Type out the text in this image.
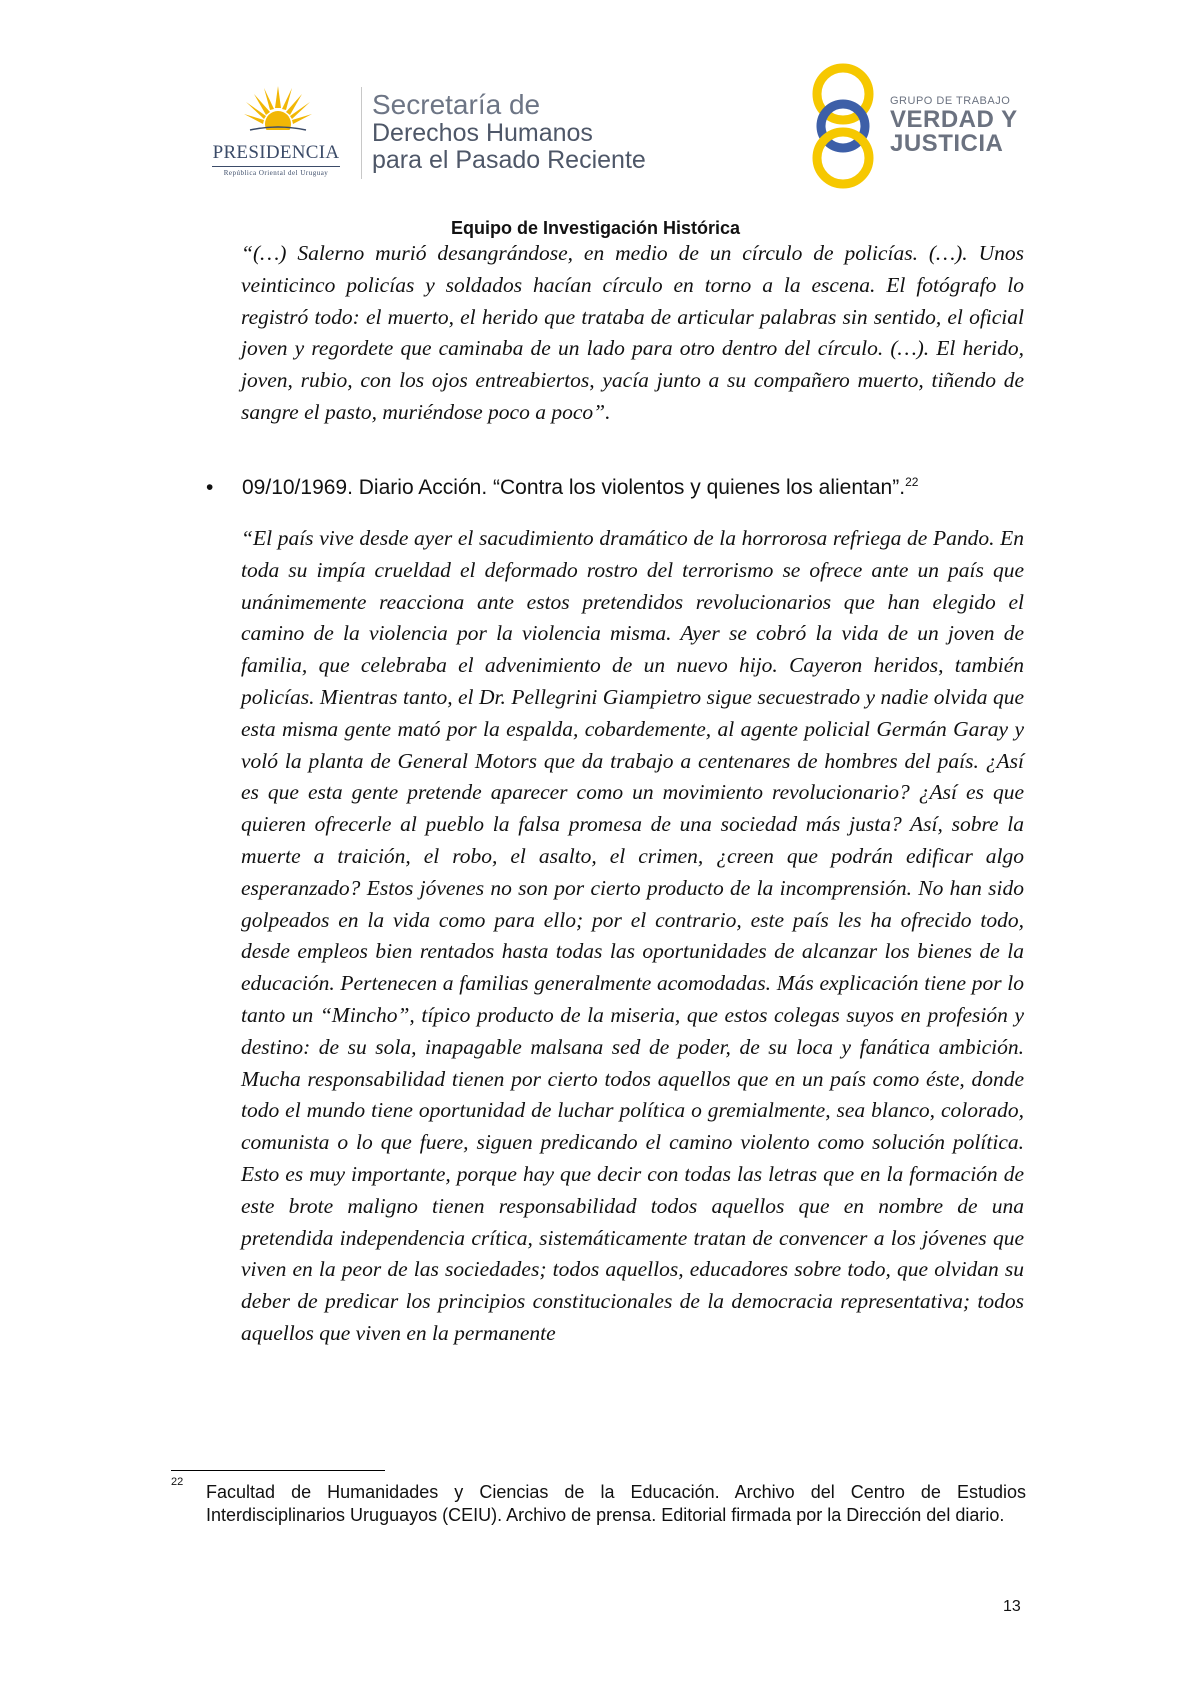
PRESIDENCIA
República Oriental del Uruguay
Secretaría de
Derechos Humanos
para el Pasado Reciente
GRUPO DE TRABAJO
VERDAD Y
JUSTICIA
Equipo de Investigación Histórica

“(…) Salerno murió desangrándose, en medio de un círculo de policías. (…). Unos veinticinco policías y soldados hacían círculo en torno a la escena. El fotógrafo lo registró todo: el muerto, el herido que trataba de articular palabras sin sentido, el oficial joven y regordete que caminaba de un lado para otro dentro del círculo. (…). El herido, joven, rubio, con los ojos entreabiertos, yacía junto a su compañero muerto, tiñendo de sangre el pasto, muriéndose poco a poco”.

• 09/10/1969. Diario Acción. “Contra los violentos y quienes los alientan”.$^{22}$

“El país vive desde ayer el sacudimiento dramático de la horrorosa refriega de Pando. En toda su impía crueldad el deformado rostro del terrorismo se ofrece ante un país que unánimemente reacciona ante estos pretendidos revolucionarios que han elegido el camino de la violencia por la violencia misma. Ayer se cobró la vida de un joven de familia, que celebraba el advenimiento de un nuevo hijo. Cayeron heridos, también policías. Mientras tanto, el Dr. Pellegrini Giampietro sigue secuestrado y nadie olvida que esta misma gente mató por la espalda, cobardemente, al agente policial Germán Garay y voló la planta de General Motors que da trabajo a centenares de hombres del país. ¿Así es que esta gente pretende aparecer como un movimiento revolucionario? ¿Así es que quieren ofrecerle al pueblo la falsa promesa de una sociedad más justa? Así, sobre la muerte a traición, el robo, el asalto, el crimen, ¿creen que podrán edificar algo esperanzado? Estos jóvenes no son por cierto producto de la incomprensión. No han sido golpeados en la vida como para ello; por el contrario, este país les ha ofrecido todo, desde empleos bien rentados hasta todas las oportunidades de alcanzar los bienes de la educación. Pertenecen a familias generalmente acomodadas. Más explicación tiene por lo tanto un “Mincho”, típico producto de la miseria, que estos colegas suyos en profesión y destino: de su sola, inapagable malsana sed de poder, de su loca y fanática ambición. Mucha responsabilidad tienen por cierto todos aquellos que en un país como éste, donde todo el mundo tiene oportunidad de luchar política o gremialmente, sea blanco, colorado, comunista o lo que fuere, siguen predicando el camino violento como solución política. Esto es muy importante, porque hay que decir con todas las letras que en la formación de este brote maligno tienen responsabilidad todos aquellos que en nombre de una pretendida independencia crítica, sistemáticamente tratan de convencer a los jóvenes que viven en la peor de las sociedades; todos aquellos, educadores sobre todo, que olvidan su deber de predicar los principios constitucionales de la democracia representativa; todos aquellos que viven en la permanente

22 Facultad de Humanidades y Ciencias de la Educación. Archivo del Centro de Estudios Interdisciplinarios Uruguayos (CEIU). Archivo de prensa. Editorial firmada por la Dirección del diario.

13
